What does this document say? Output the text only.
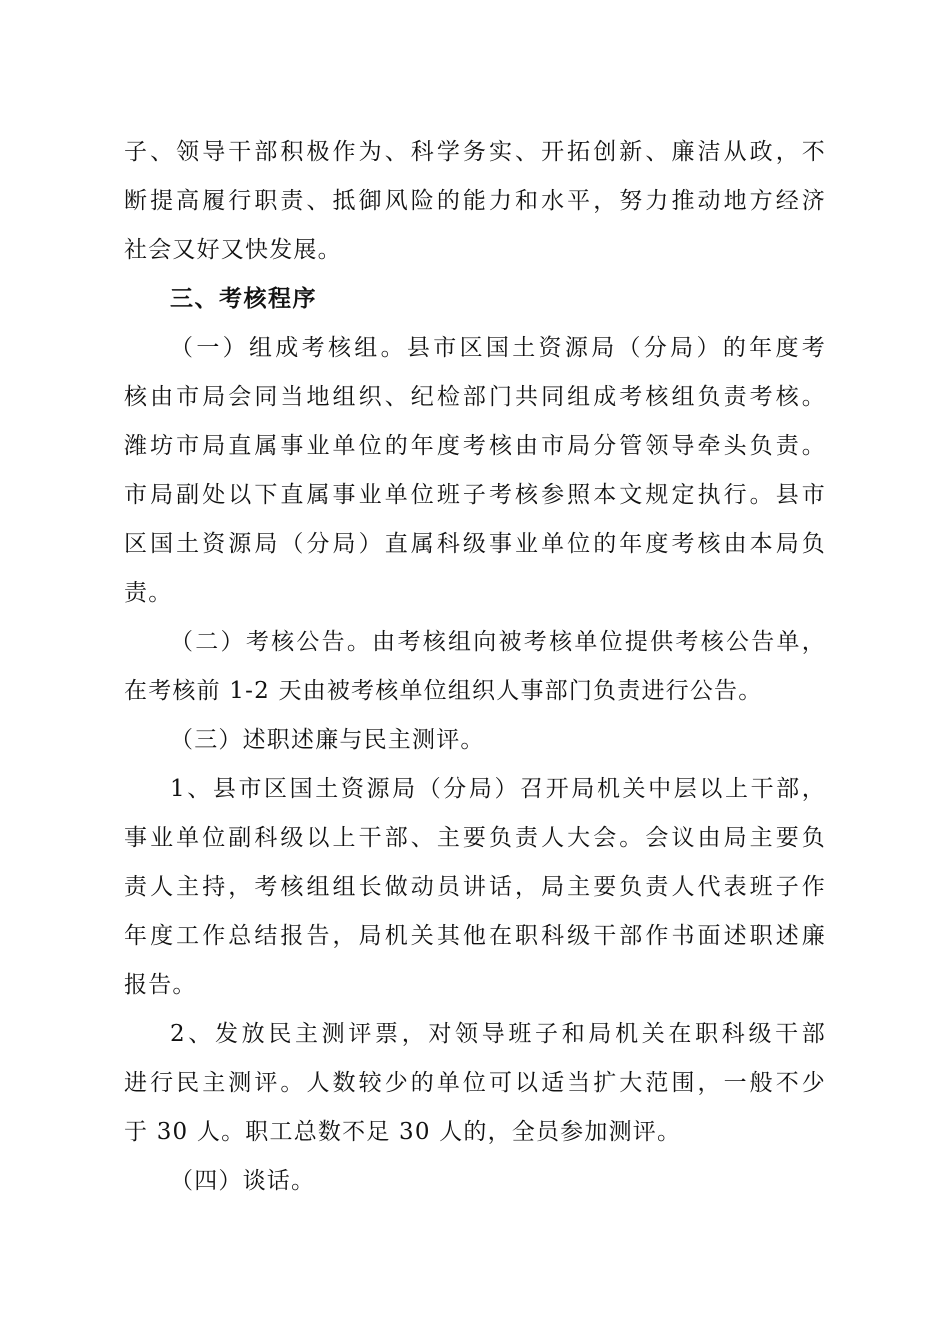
子、领导干部积极作为、科学务实、开拓创新、廉洁从政，不
断提高履行职责、抵御风险的能力和水平，努力推动地方经济
社会又好又快发展。
三、考核程序
（一）组成考核组。县市区国土资源局（分局）的年度考
核由市局会同当地组织、纪检部门共同组成考核组负责考核。
潍坊市局直属事业单位的年度考核由市局分管领导牵头负责。
市局副处以下直属事业单位班子考核参照本文规定执行。县市
区国土资源局（分局）直属科级事业单位的年度考核由本局负
责。
（二）考核公告。由考核组向被考核单位提供考核公告单，
在考核前 1-2 天由被考核单位组织人事部门负责进行公告。
（三）述职述廉与民主测评。
1、县市区国土资源局（分局）召开局机关中层以上干部，
事业单位副科级以上干部、主要负责人大会。会议由局主要负
责人主持，考核组组长做动员讲话，局主要负责人代表班子作
年度工作总结报告，局机关其他在职科级干部作书面述职述廉
报告。
2、发放民主测评票，对领导班子和局机关在职科级干部
进行民主测评。人数较少的单位可以适当扩大范围，一般不少
于 30 人。职工总数不足 30 人的，全员参加测评。
（四）谈话。
